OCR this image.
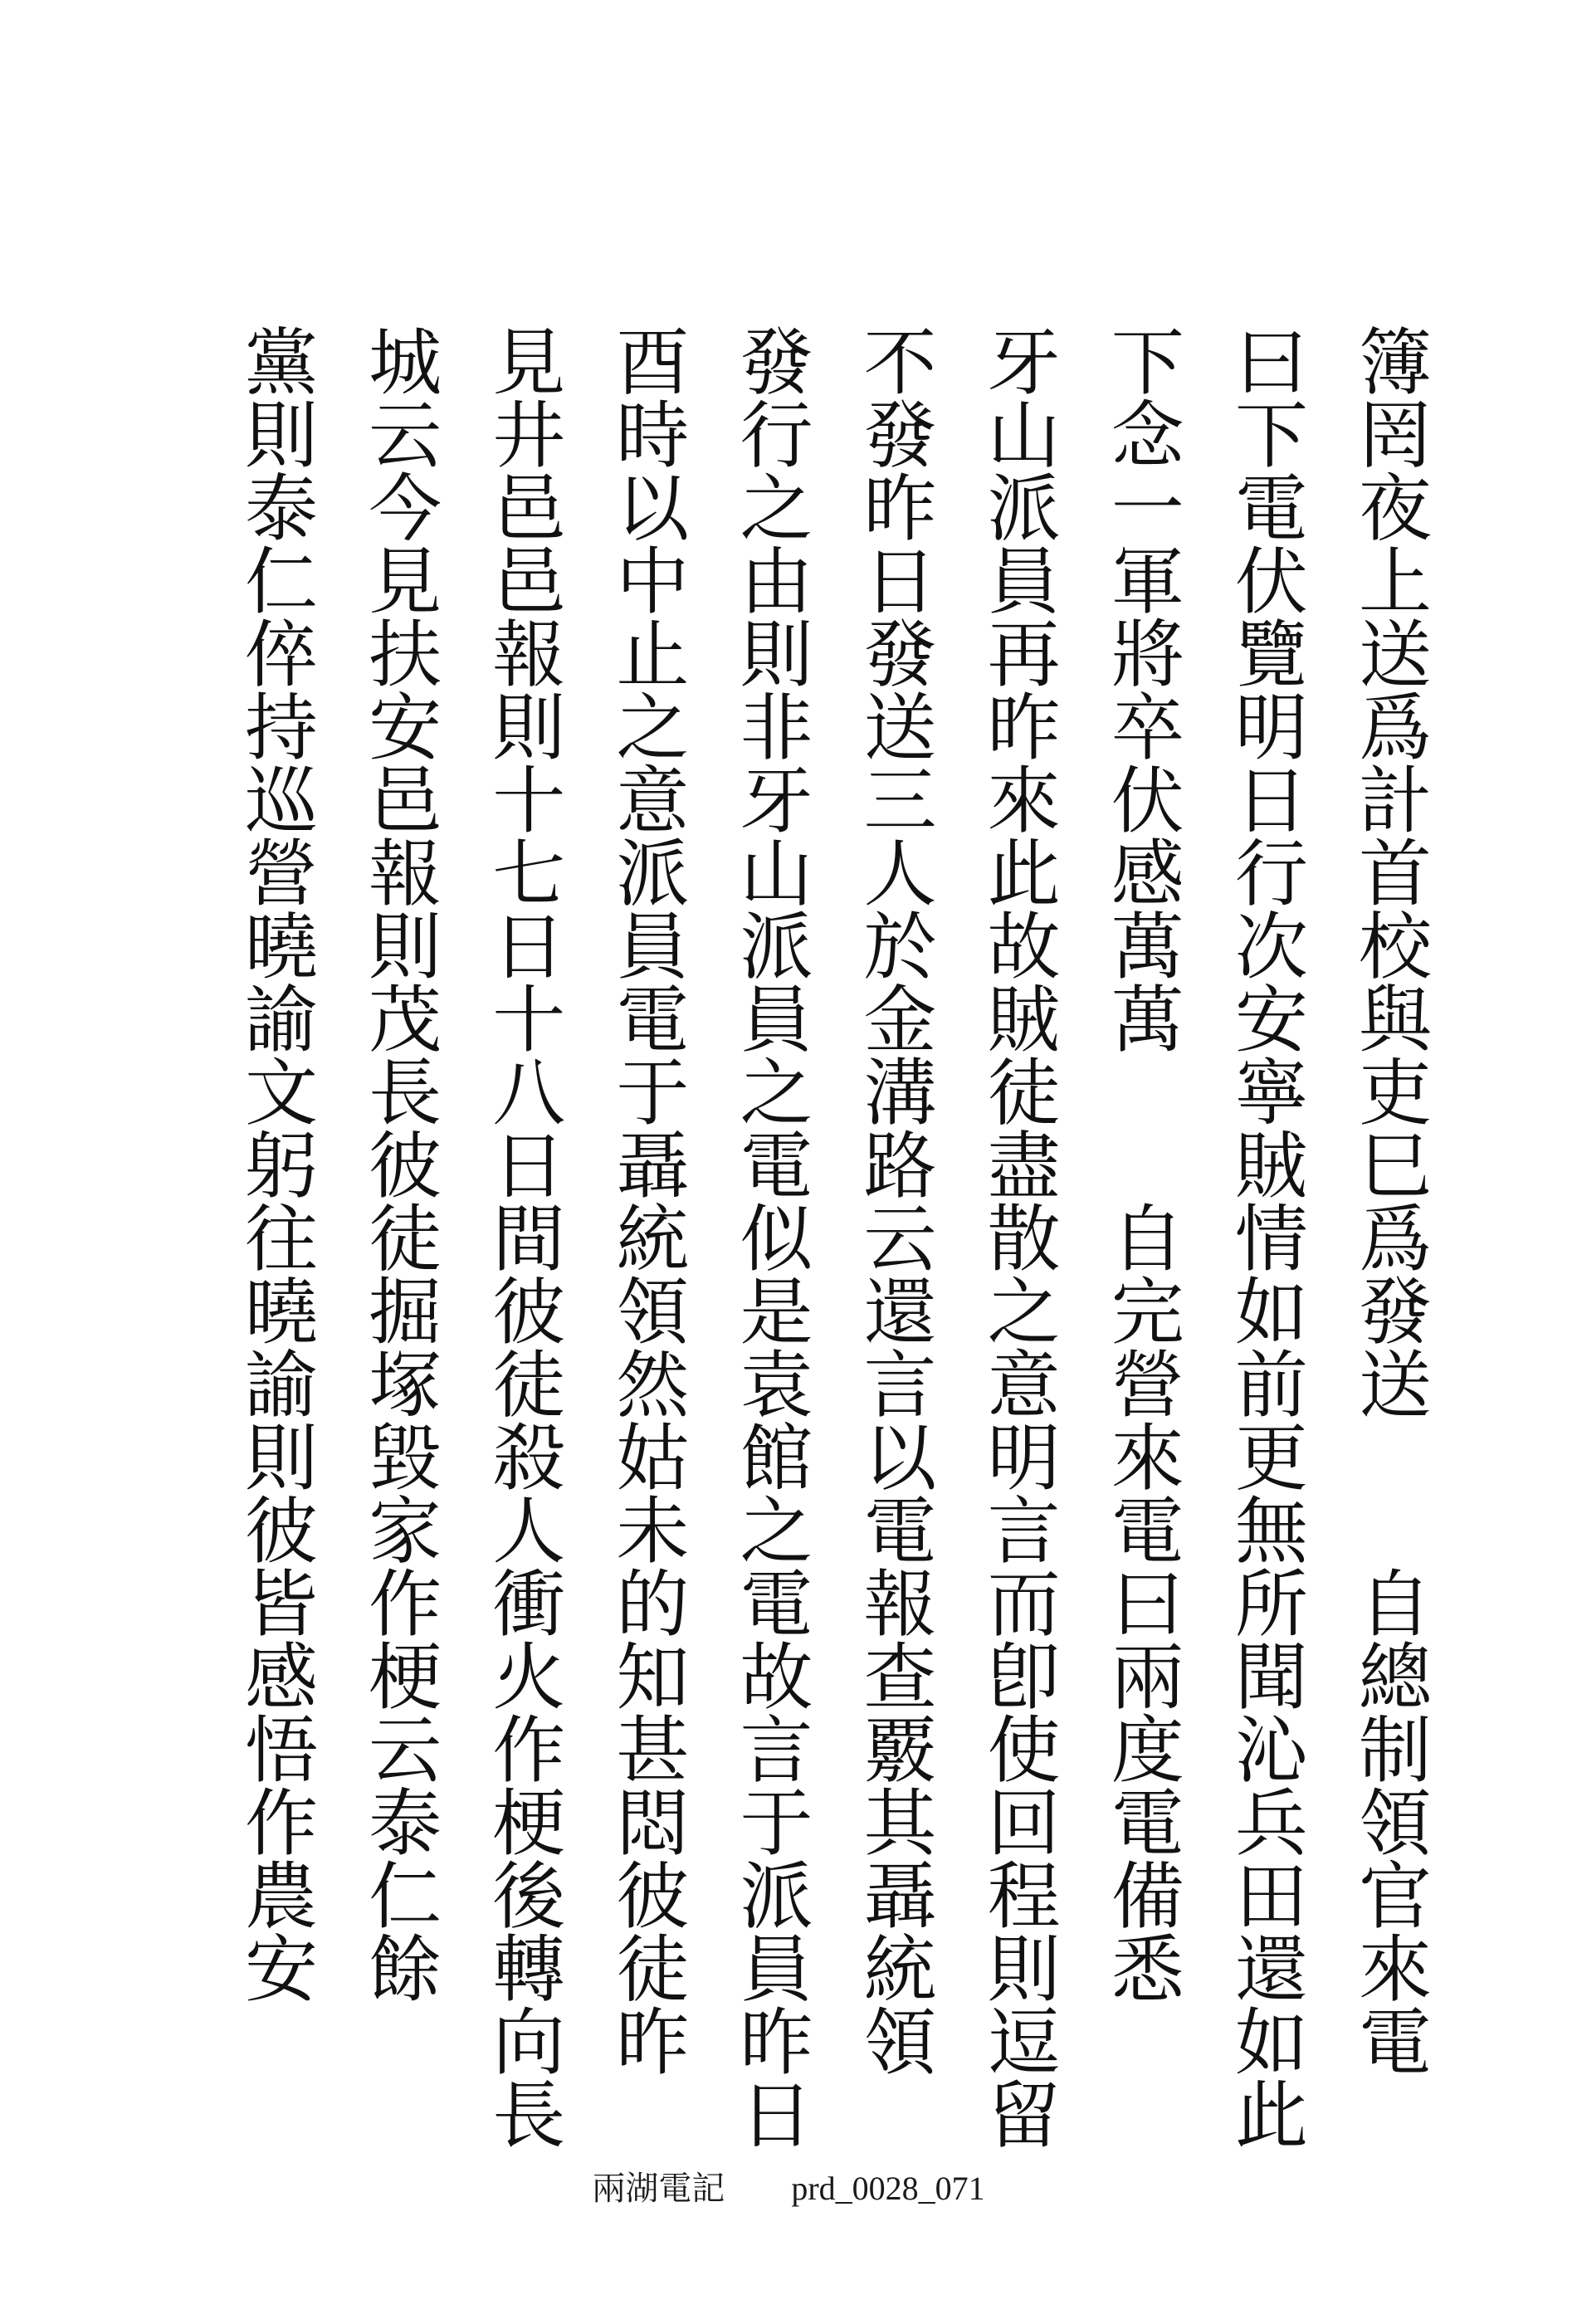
簿罔夜上送爲計首校與吏巳爲發送　　自總制領官來電
曰下電伏覽明日行次安寧賊情如前更無所聞沁兵田還如此
下念一軍將卒伏感萬萬　　自完營來電曰兩度電備悉
牙山派員再昨來此故賊徒盡散之意明言而卽使回程則逗留
不發昨日發送三人於金溝路云還言以電報查覈其聶統領
發行之由則非牙山派員之電似是袁館之電故言于派員昨日
酉時以中止之意派員電于聶統領然姑未的知甚悶彼徒昨
見井邑邑報則十七日十八日間彼徒殺人衝火作梗後轉向長
城云今見扶安邑報則茂長彼徒掘塚毀家作梗云泰仁餘
黨則泰仁倅持巡營曉諭文躬往曉諭則彼皆感悟作農安
兩湖電記 prd_0028_071
